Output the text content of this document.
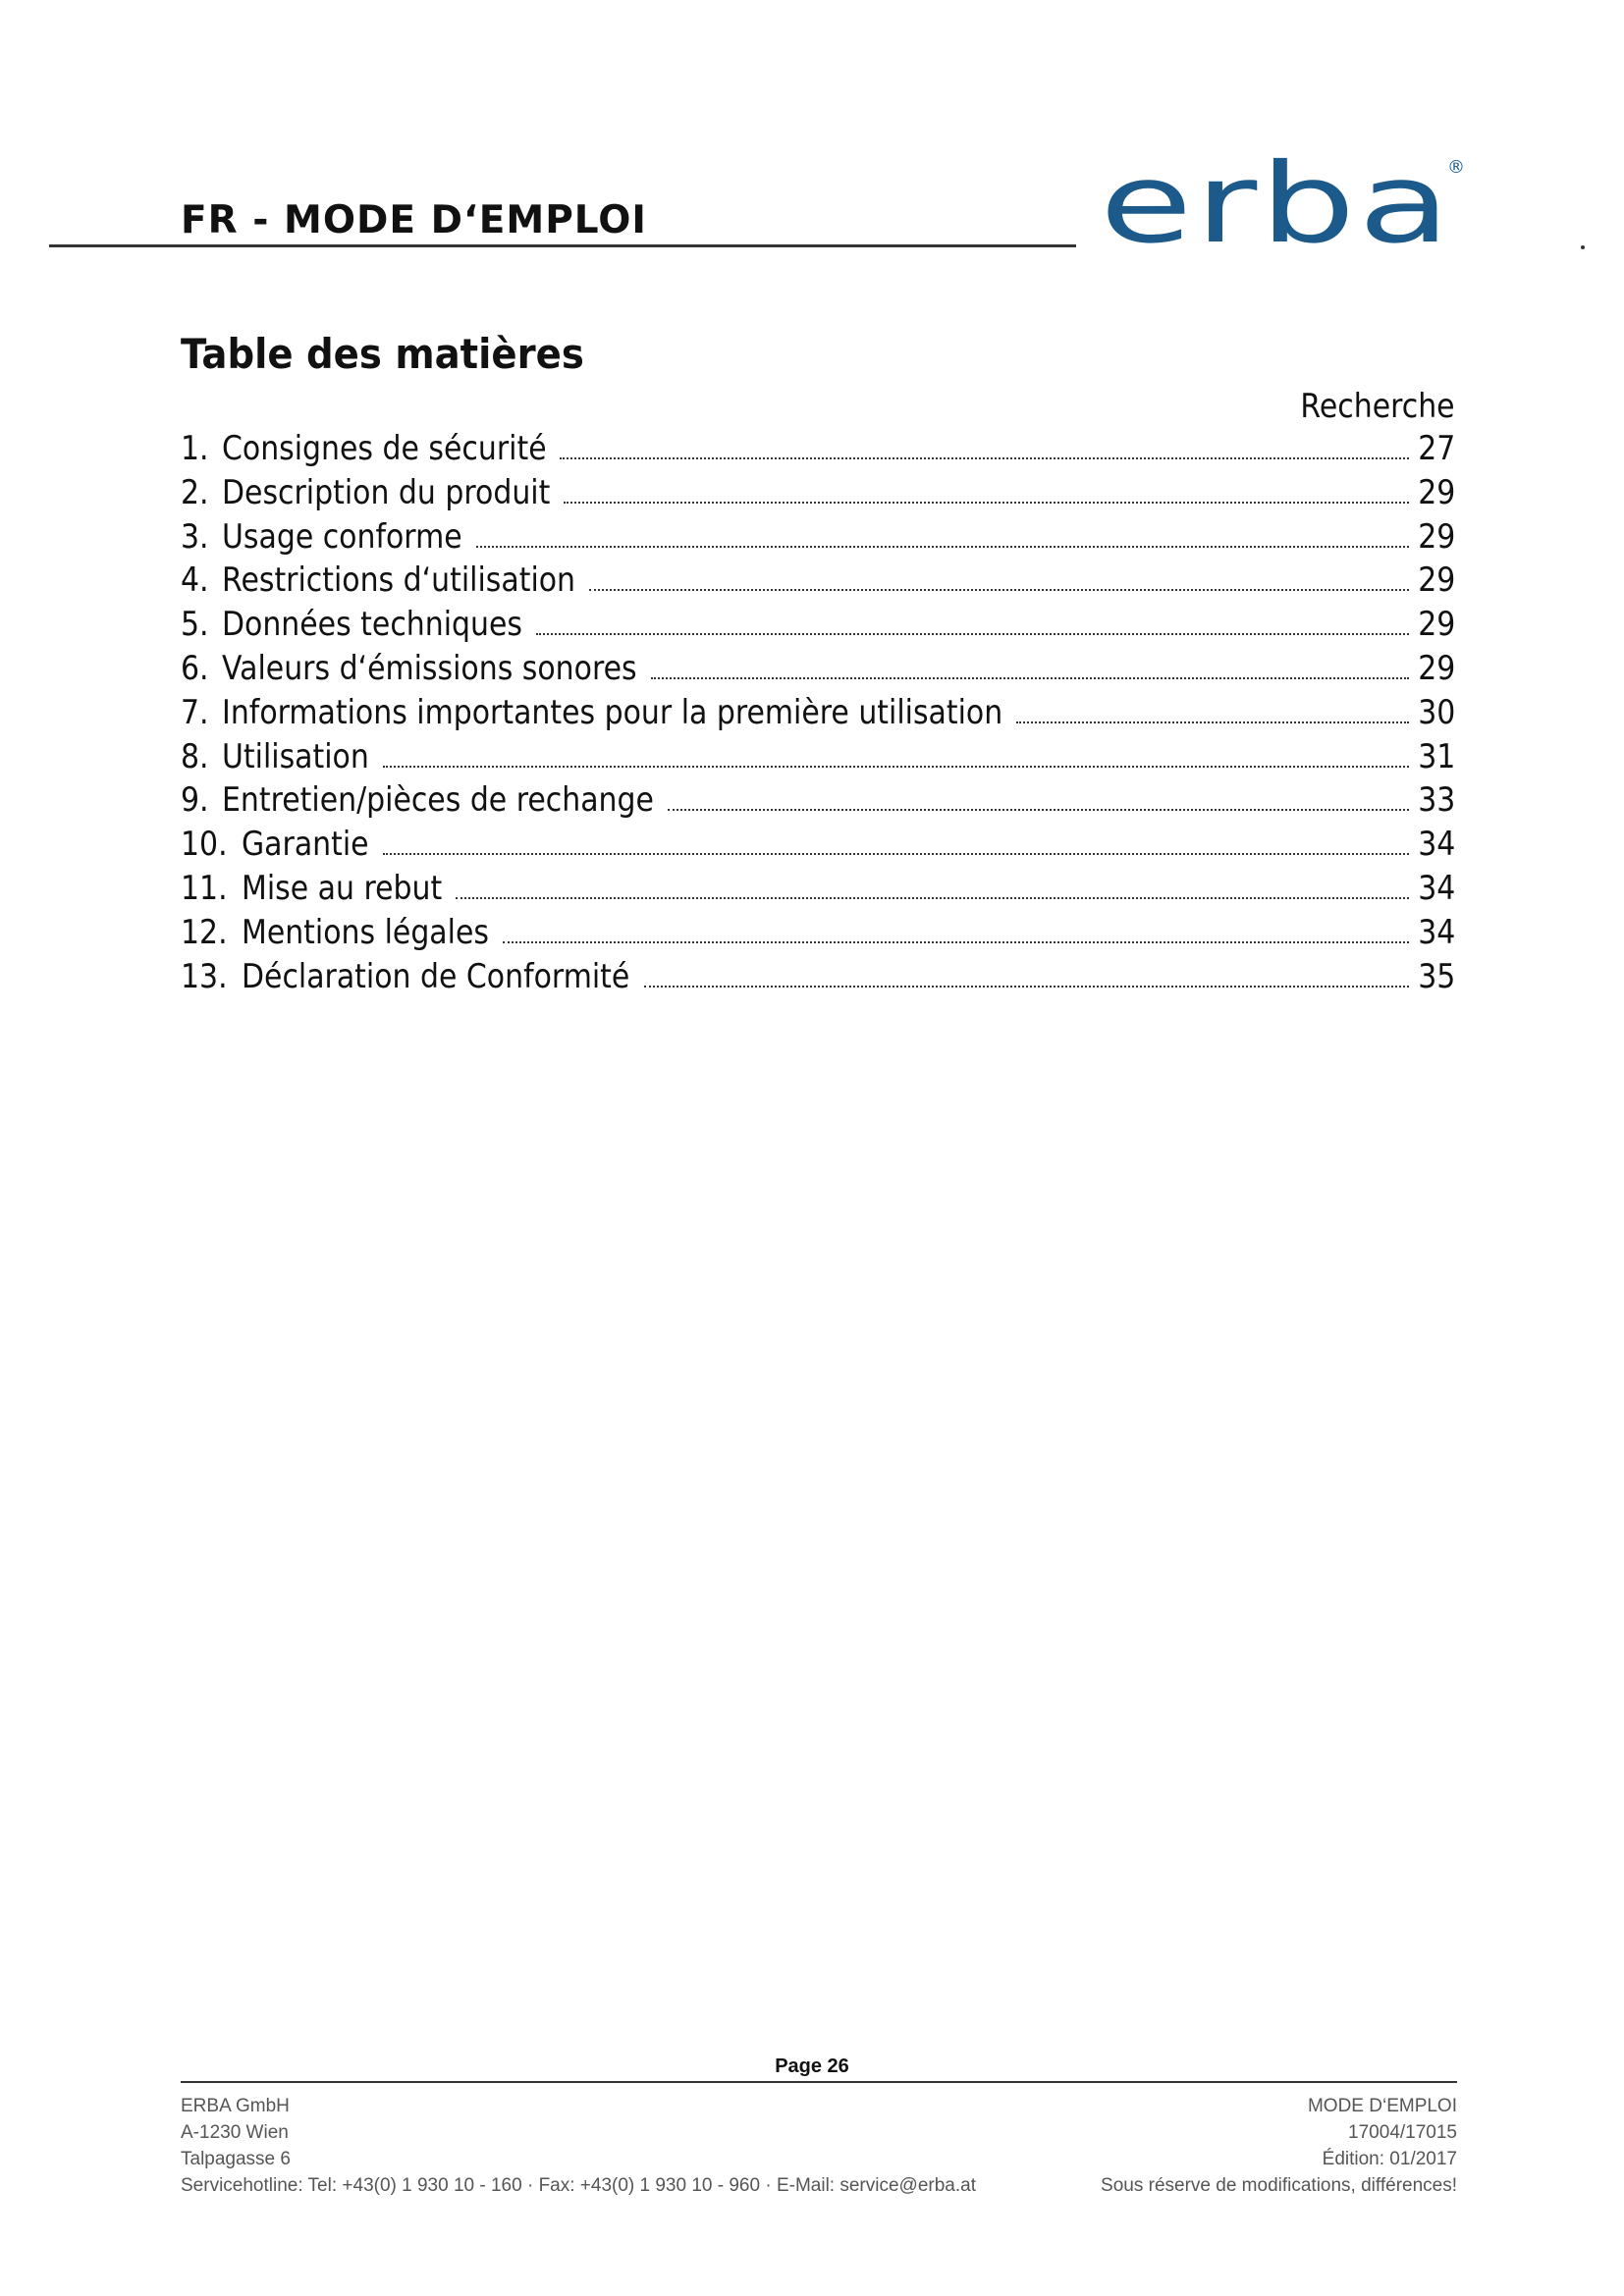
FR - MODE D‘EMPLOI	erba
®
Table des matières
Recherche
1. Consignes de sécurité	27
2. Description du produit	29
3. Usage conforme	29
4. Restrictions d‘utilisation	29
5. Données techniques	29
6. Valeurs d‘émissions sonores	29
7. Informations importantes pour la première utilisation	30
8. Utilisation	31
9. Entretien/pièces de rechange	33
10. Garantie	34
11. Mise au rebut	34
12. Mentions légales	34
13. Déclaration de Conformité	35
Page 26
ERBA GmbH
A-1230 Wien
Talpagasse 6
Servicehotline: Tel: +43(0) 1 930 10 - 160 · Fax: +43(0) 1 930 10 - 960 · E-Mail: service@erba.at
MODE D‘EMPLOI
17004/17015
Édition: 01/2017
Sous réserve de modifications, différences!
